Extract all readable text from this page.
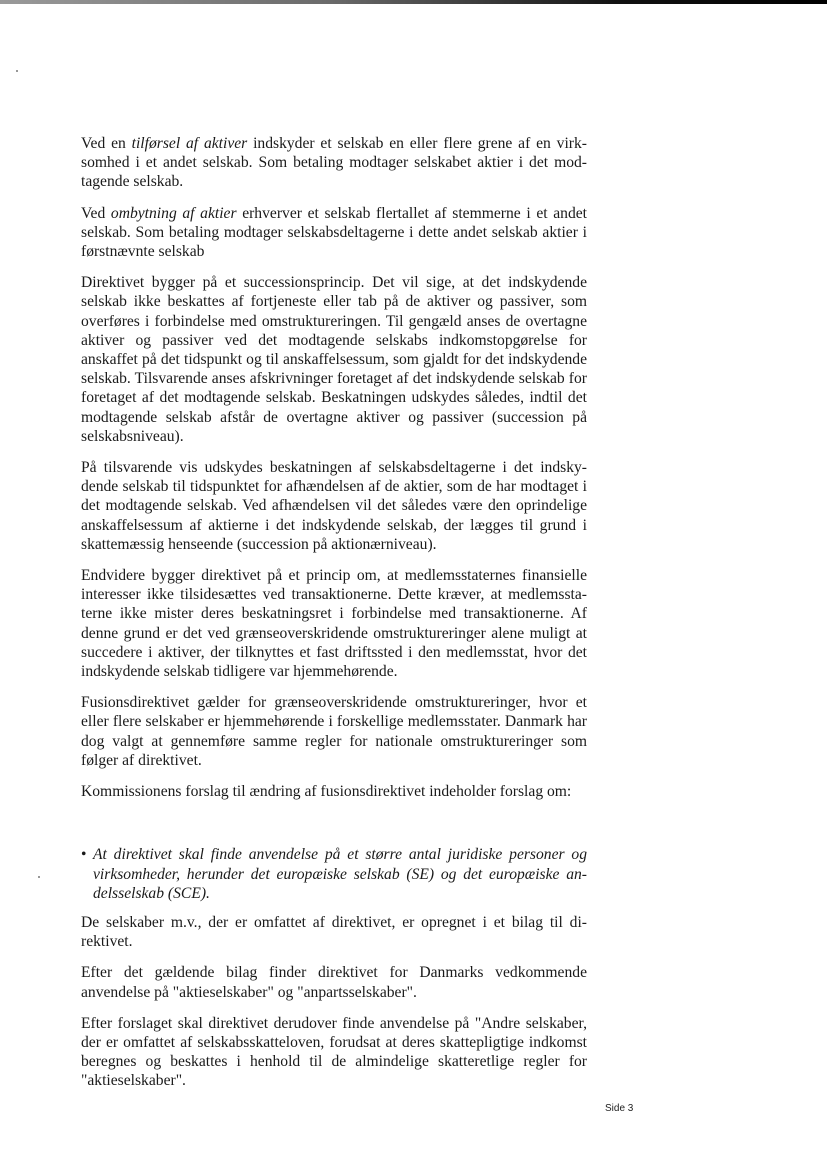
Ved en tilførsel af aktiver indskyder et selskab en eller flere grene af en virksomhed i et andet selskab. Som betaling modtager selskabet aktier i det modtagende selskab.

Ved ombytning af aktier erhverver et selskab flertallet af stemmerne i et andet selskab. Som betaling modtager selskabsdeltagerne i dette andet selskab aktier i førstnævnte selskab

Direktivet bygger på et successionsprincip. Det vil sige, at det indskydende selskab ikke beskattes af fortjeneste eller tab på de aktiver og passiver, som overføres i forbindelse med omstruktureringen. Til gengæld anses de overtagne aktiver og passiver ved det modtagende selskabs indkomstopgørelse for anskaffet på det tidspunkt og til anskaffelsessum, som gjaldt for det indskydende selskab. Tilsvarende anses afskrivninger foretaget af det indskydende selskab for foretaget af det modtagende selskab. Beskatningen udskydes således, indtil det modtagende selskab afstår de overtagne aktiver og passiver (succession på selskabsniveau).

På tilsvarende vis udskydes beskatningen af selskabsdeltagerne i det indskydende selskab til tidspunktet for afhændelsen af de aktier, som de har modtaget i det modtagende selskab. Ved afhændelsen vil det således være den oprindelige anskaffelsessum af aktierne i det indskydende selskab, der lægges til grund i skattemæssig henseende (succession på aktionærniveau).

Endvidere bygger direktivet på et princip om, at medlemsstaternes finansielle interesser ikke tilsidesættes ved transaktionerne. Dette kræver, at medlemsstaterne ikke mister deres beskatningsret i forbindelse med transaktionerne. Af denne grund er det ved grænseoverskridende omstruktureringer alene muligt at succedere i aktiver, der tilknyttes et fast driftssted i den medlemsstat, hvor det indskydende selskab tidligere var hjemmehørende.

Fusionsdirektivet gælder for grænseoverskridende omstruktureringer, hvor et eller flere selskaber er hjemmehørende i forskellige medlemsstater. Danmark har dog valgt at gennemføre samme regler for nationale omstruktureringer som følger af direktivet.

Kommissionens forslag til ændring af fusionsdirektivet indeholder forslag om:

• At direktivet skal finde anvendelse på et større antal juridiske personer og virksomheder, herunder det europæiske selskab (SE) og det europæiske andelsselskab (SCE).

De selskaber m.v., der er omfattet af direktivet, er opregnet i et bilag til direktivet.

Efter det gældende bilag finder direktivet for Danmarks vedkommende anvendelse på "aktieselskaber" og "anpartsselskaber".

Efter forslaget skal direktivet derudover finde anvendelse på "Andre selskaber, der er omfattet af selskabsskatteloven, forudsat at deres skattepligtige indkomst beregnes og beskattes i henhold til de almindelige skatteretlige regler for "aktieselskaber".

Side 3
